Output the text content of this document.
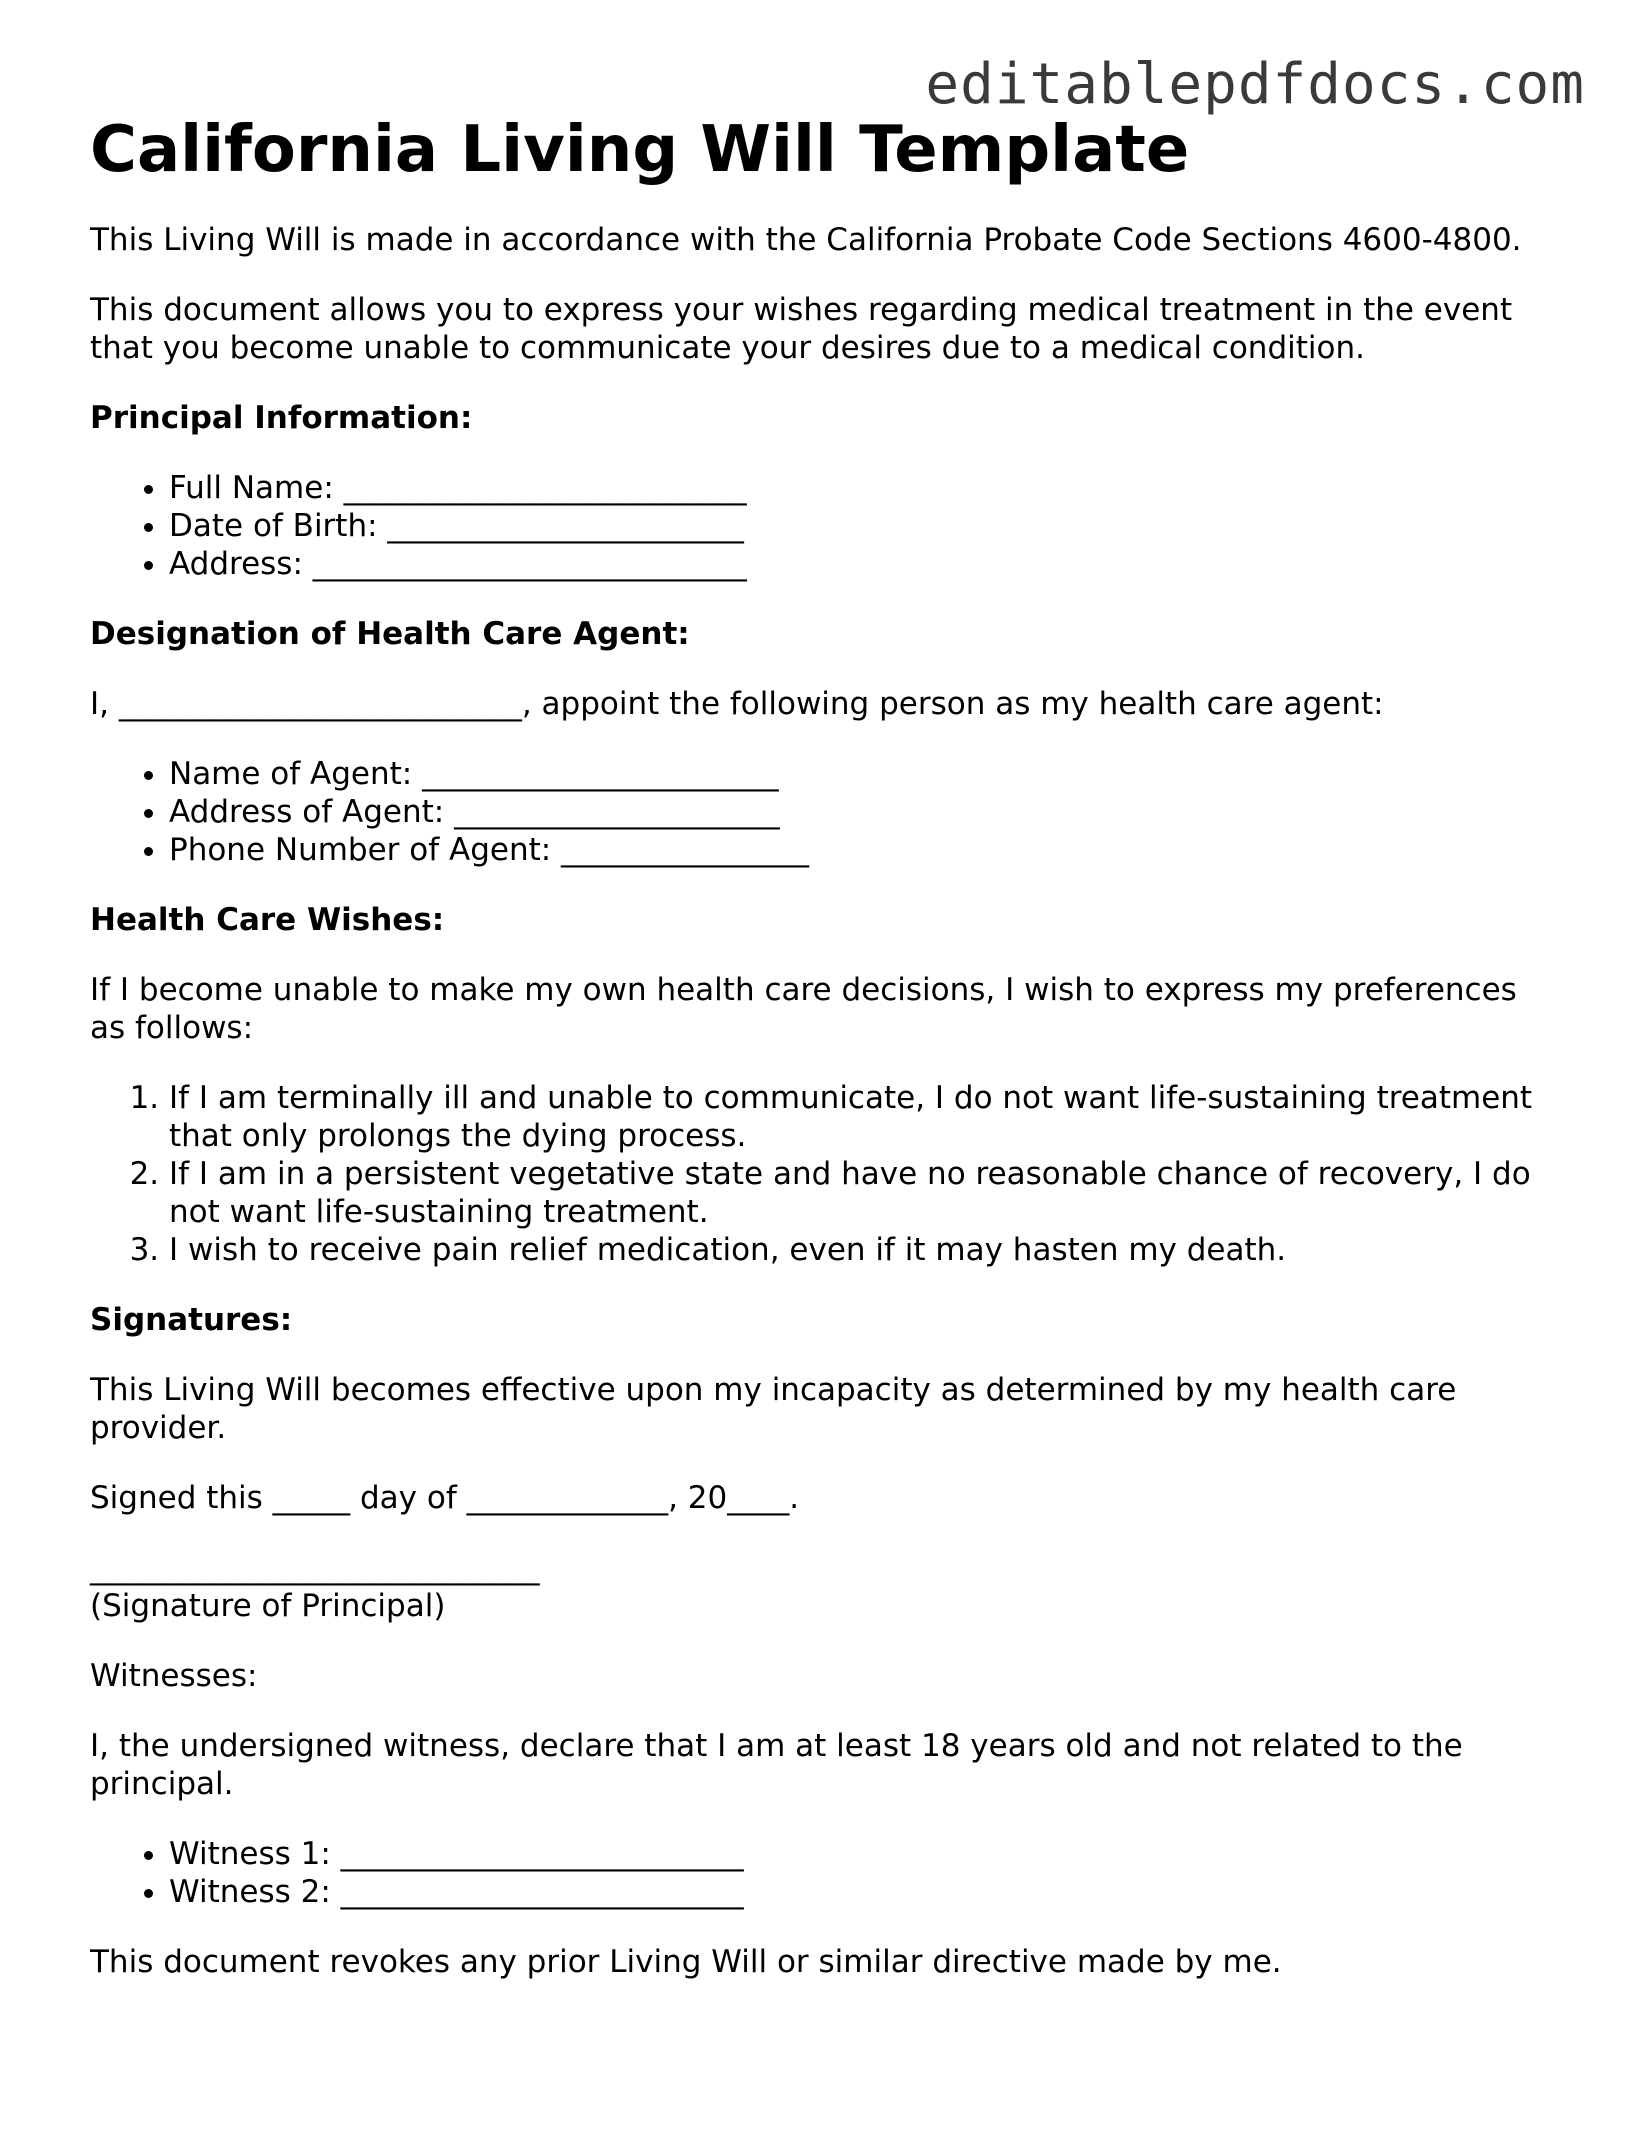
editablepdfdocs.com
California Living Will Template

This Living Will is made in accordance with the California Probate Code Sections 4600-4800.

This document allows you to express your wishes regarding medical treatment in the event that you become unable to communicate your desires due to a medical condition.

Principal Information:
• Full Name: __________________________
• Date of Birth: _______________________
• Address: ____________________________
Designation of Health Care Agent:

I, __________________________, appoint the following person as my health care agent:

• Name of Agent: _______________________
• Address of Agent: _____________________
• Phone Number of Agent: ________________
Health Care Wishes:

If I become unable to make my own health care decisions, I wish to express my preferences as follows:

1. If I am terminally ill and unable to communicate, I do not want life-sustaining treatment that only prolongs the dying process.
2. If I am in a persistent vegetative state and have no reasonable chance of recovery, I do not want life-sustaining treatment.
3. I wish to receive pain relief medication, even if it may hasten my death.
Signatures:

This Living Will becomes effective upon my incapacity as determined by my health care provider.

Signed this _____ day of _____________, 20____.

_____________________________

(Signature of Principal)

Witnesses:

I, the undersigned witness, declare that I am at least 18 years old and not related to the principal.

• Witness 1: __________________________
• Witness 2: __________________________

This document revokes any prior Living Will or similar directive made by me.
